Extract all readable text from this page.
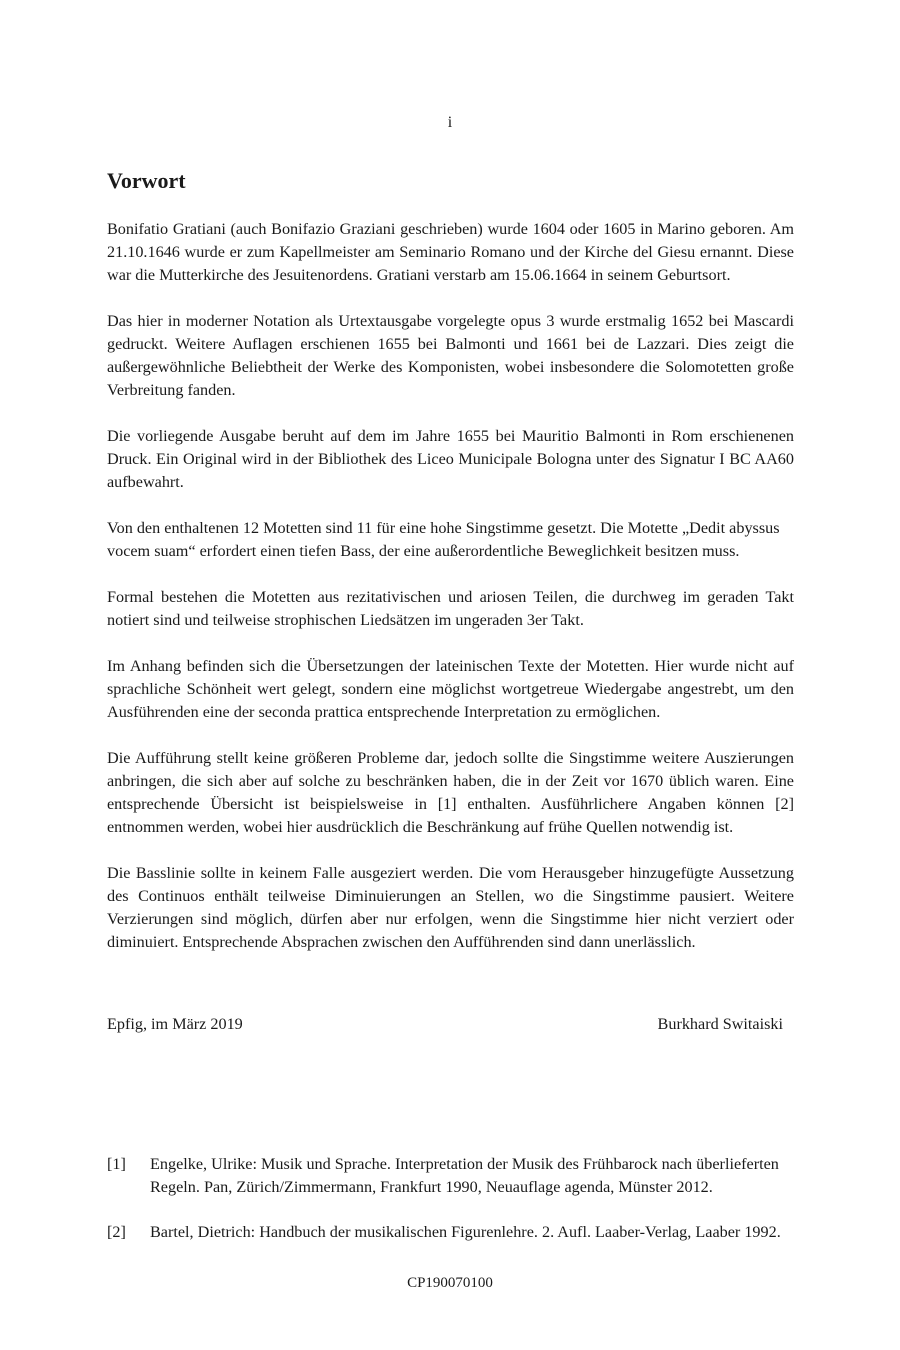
i
Vorwort

Bonifatio Gratiani (auch Bonifazio Graziani geschrieben) wurde 1604 oder 1605 in Marino geboren. Am 21.10.1646 wurde er zum Kapellmeister am Seminario Romano und der Kirche del Giesu ernannt. Diese war die Mutterkirche des Jesuitenordens. Gratiani verstarb am 15.06.1664 in seinem Geburtsort.

Das hier in moderner Notation als Urtextausgabe vorgelegte opus 3 wurde erstmalig 1652 bei Mascardi gedruckt. Weitere Auflagen erschienen 1655 bei Balmonti und 1661 bei de Lazzari. Dies zeigt die außergewöhnliche Beliebtheit der Werke des Komponisten, wobei insbesondere die Solomotetten große Verbreitung fanden.

Die vorliegende Ausgabe beruht auf dem im Jahre 1655 bei Mauritio Balmonti in Rom erschienenen Druck. Ein Original wird in der Bibliothek des Liceo Municipale Bologna unter des Signatur I BC AA60 aufbewahrt.

Von den enthaltenen 12 Motetten sind 11 für eine hohe Singstimme gesetzt. Die Motette „Dedit abyssus vocem suam“ erfordert einen tiefen Bass, der eine außerordentliche Beweglichkeit besitzen muss.

Formal bestehen die Motetten aus rezitativischen und ariosen Teilen, die durchweg im geraden Takt notiert sind und teilweise strophischen Liedsätzen im ungeraden 3er Takt.

Im Anhang befinden sich die Übersetzungen der lateinischen Texte der Motetten. Hier wurde nicht auf sprachliche Schönheit wert gelegt, sondern eine möglichst wortgetreue Wiedergabe angestrebt, um den Ausführenden eine der seconda prattica entsprechende Interpretation zu ermöglichen.

Die Aufführung stellt keine größeren Probleme dar, jedoch sollte die Singstimme weitere Auszierungen anbringen, die sich aber auf solche zu beschränken haben, die in der Zeit vor 1670 üblich waren. Eine entsprechende Übersicht ist beispielsweise in [1] enthalten. Ausführlichere Angaben können [2] entnommen werden, wobei hier ausdrücklich die Beschränkung auf frühe Quellen notwendig ist.

Die Basslinie sollte in keinem Falle ausgeziert werden. Die vom Herausgeber hinzugefügte Aussetzung des Continuos enthält teilweise Diminuierungen an Stellen, wo die Singstimme pausiert. Weitere Verzierungen sind möglich, dürfen aber nur erfolgen, wenn die Singstimme hier nicht verziert oder diminuiert. Entsprechende Absprachen zwischen den Aufführenden sind dann unerlässlich.

Epfig, im März 2019	Burkhard Switaiski
[1]	Engelke, Ulrike: Musik und Sprache. Interpretation der Musik des Frühbarock nach überlieferten Regeln. Pan, Zürich/Zimmermann, Frankfurt 1990, Neuauflage agenda, Münster 2012.
[2]	Bartel, Dietrich: Handbuch der musikalischen Figurenlehre. 2. Aufl. Laaber-Verlag, Laaber 1992.
CP190070100
